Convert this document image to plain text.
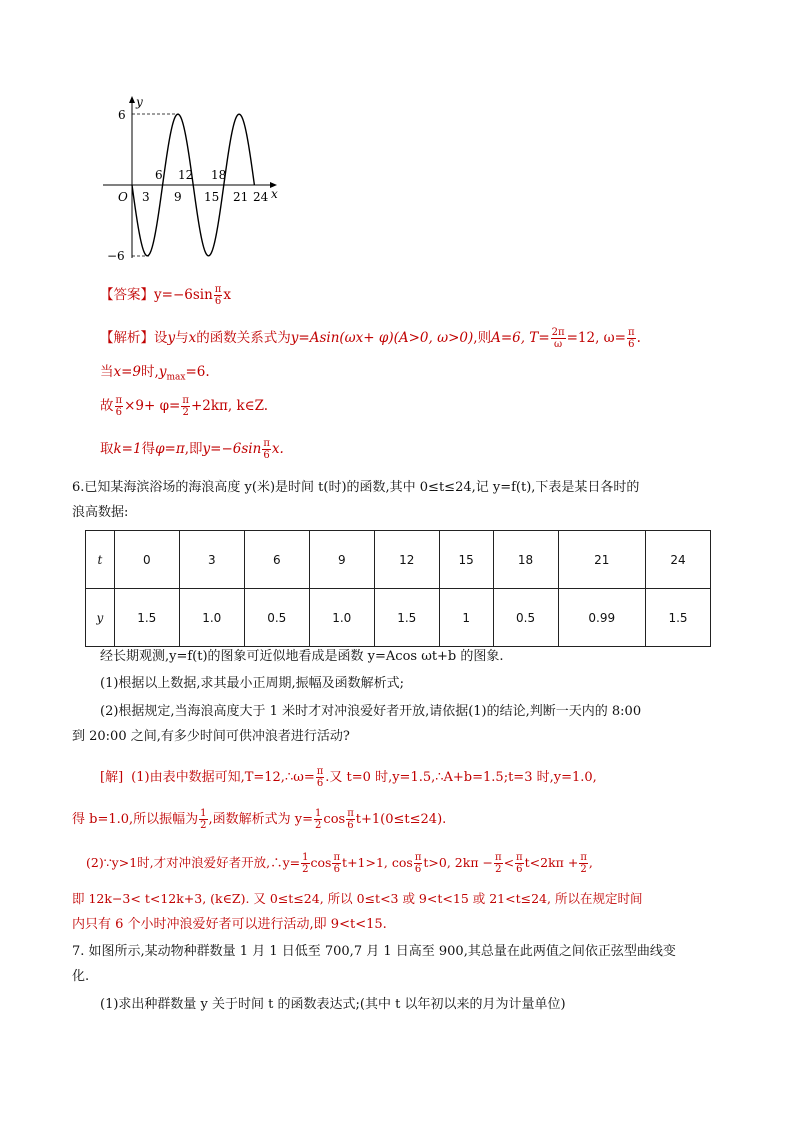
y
x
O
6
−6
3
6
9
12
15
18
21 24
【答案】$y=-6\sin \frac{\pi}{6}$ x
【解析】设y与x的函数关系式为y=Asin(ωx+ φ)(A>0, ω>0),则A=6, $T= \frac{2\pi}{\omega} =12$, $\omega= \frac{\pi}{6}$ .
当x=9时$,y_{max}=6$.
故 $\frac{\pi}{6} \times 9+ \varphi= \frac{\pi}{2} +2k\pi$, k∈Z.
取k=1得φ=π,即$y=-6\sin \frac{\pi}{6} x$.
6.已知某海滨浴场的海浪高度 y(米)是时间 t(时)的函数,其中 0≤t≤24,记 y=f(t),下表是某日各时的
浪高数据:
t	0	3	6	9	12	15	18	21	24
y	1.5	1.0	0.5	1.0	1.5	1	0.5	0.99	1.5
经长期观测,y=f(t)的图象可近似地看成是函数 y=Acos ωt+b 的图象.
(1)根据以上数据,求其最小正周期,振幅及函数解析式;
(2)根据规定,当海浪高度大于 1 米时才对冲浪爱好者开放,请依据(1)的结论,判断一天内的 8:00
到 20:00 之间,有多少时间可供冲浪者进行活动?
[解] (1)由表中数据可知,T=12,∴ω= $\frac{\pi}{6}$ .又 t=0 时,y=1.5,∴A+b=1.5;t=3 时,y=1.0,
得 b=1.0,所以振幅为 $\frac{1}{2}$ ,函数解析式为 $y= \frac{1}{2}$ $\cos \frac{\pi}{6} t+1(0\le t\le 24)$.
(2)∵y>1时,才对冲浪爱好者开放,∴y= $\frac{1}{2}$ $\cos \frac{\pi}{6} t+1>1$, $\cos \frac{\pi}{6} t>0$, $2k\pi - \frac{\pi}{2} < \frac{\pi}{6} t<2k\pi + \frac{\pi}{2}$ ,
即 12k−3< t<12k+3, (k∈Z). 又 0≤t≤24, 所以 0≤t<3 或 9<t<15 或 21<t≤24, 所以在规定时间
内只有 6 个小时冲浪爱好者可以进行活动,即 9<t<15.
7. 如图所示,某动物种群数量 1 月 1 日低至 700,7 月 1 日高至 900,其总量在此两值之间依正弦型曲线变
化.
(1)求出种群数量 y 关于时间 t 的函数表达式;(其中 t 以年初以来的月为计量单位)
